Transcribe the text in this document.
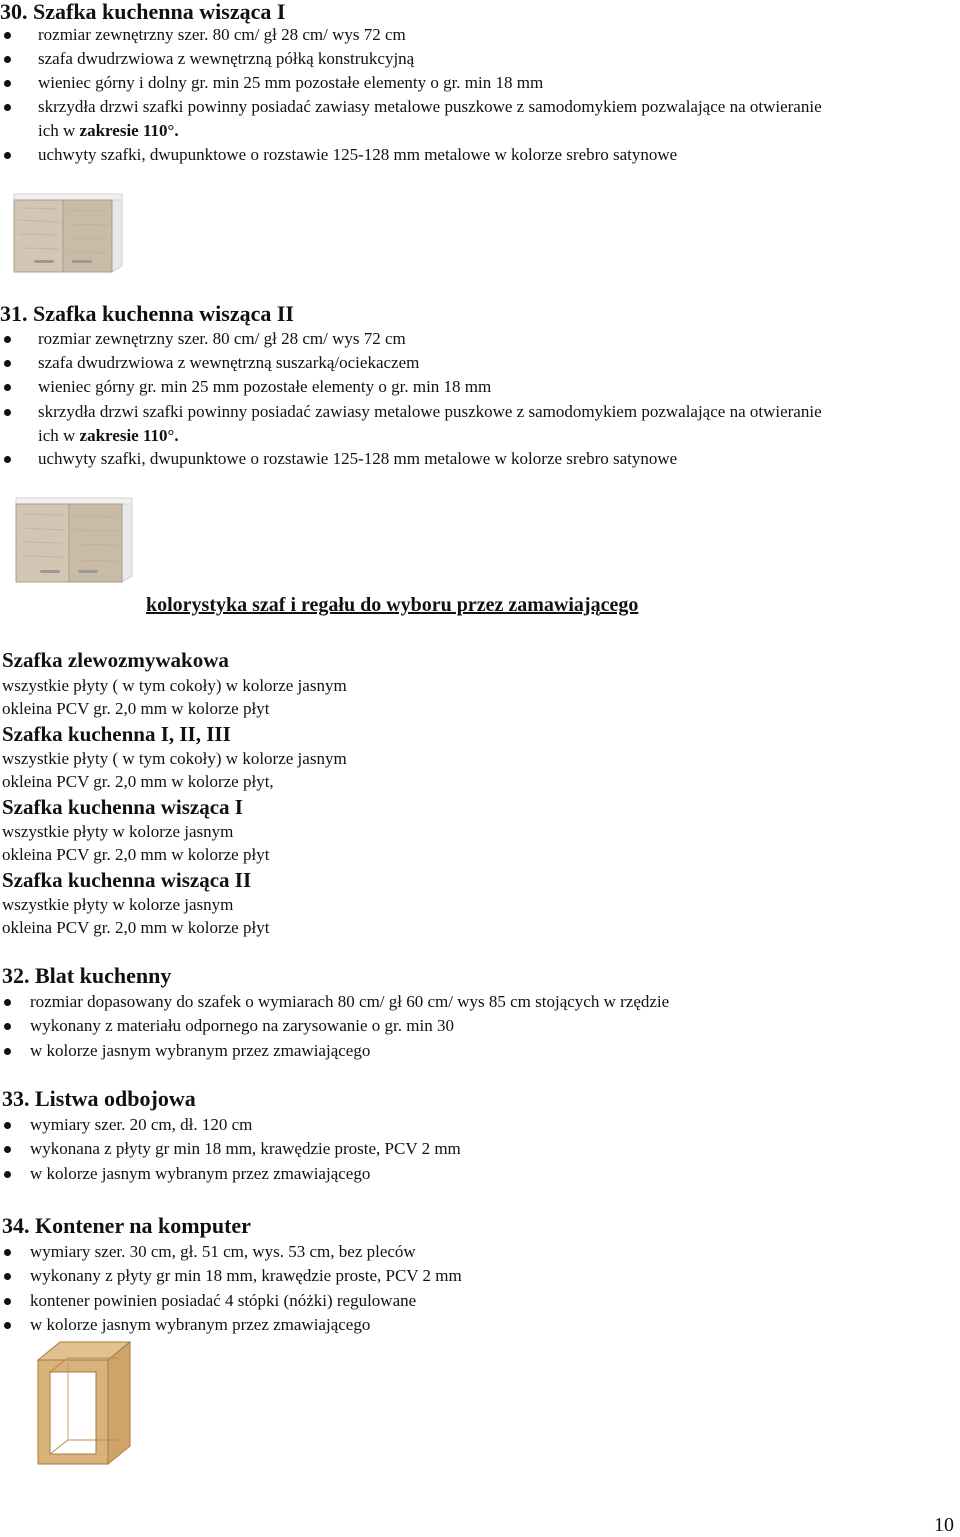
30. Szafka kuchenna wisząca I
rozmiar zewnętrzny szer. 80 cm/ gł 28 cm/ wys 72 cm
szafa dwudrzwiowa z wewnętrzną półką konstrukcyjną
wieniec górny i dolny gr. min 25 mm pozostałe elementy o gr. min 18 mm
skrzydła drzwi szafki powinny posiadać zawiasy metalowe puszkowe z samodomykiem pozwalające na otwieranie
ich w zakresie 110°.
uchwyty szafki, dwupunktowe o rozstawie 125-128 mm metalowe w kolorze srebro satynowe
31. Szafka kuchenna wisząca II
rozmiar zewnętrzny szer. 80 cm/ gł 28 cm/ wys 72 cm
szafa dwudrzwiowa z wewnętrzną suszarką/ociekaczem
wieniec górny gr. min 25 mm pozostałe elementy o gr. min 18 mm
skrzydła drzwi szafki powinny posiadać zawiasy metalowe puszkowe z samodomykiem pozwalające na otwieranie
ich w zakresie 110°.
uchwyty szafki, dwupunktowe o rozstawie 125-128 mm metalowe w kolorze srebro satynowe
kolorystyka szaf i regału do wyboru przez zamawiającego
Szafka zlewozmywakowa
wszystkie płyty ( w tym cokoły) w kolorze jasnym
okleina PCV gr. 2,0 mm w kolorze płyt
Szafka kuchenna I, II, III
wszystkie płyty ( w tym cokoły) w kolorze jasnym
okleina PCV gr. 2,0 mm w kolorze płyt,
Szafka kuchenna wisząca I
wszystkie płyty w kolorze jasnym
okleina PCV gr. 2,0 mm w kolorze płyt
Szafka kuchenna wisząca II
wszystkie płyty w kolorze jasnym
okleina PCV gr. 2,0 mm w kolorze płyt
32. Blat kuchenny
rozmiar dopasowany do szafek o wymiarach 80 cm/ gł 60 cm/ wys 85 cm stojących w rzędzie
wykonany z materiału odpornego na zarysowanie o gr. min 30
w kolorze jasnym wybranym przez zmawiającego
33. Listwa odbojowa
wymiary szer. 20 cm, dł. 120 cm
wykonana z płyty gr min 18 mm, krawędzie proste, PCV 2 mm
w kolorze jasnym wybranym przez zmawiającego
34. Kontener na komputer
wymiary szer. 30 cm, gł. 51 cm, wys. 53 cm, bez pleców
wykonany z płyty gr min 18 mm, krawędzie proste, PCV 2 mm
kontener powinien posiadać 4 stópki (nóżki) regulowane
w kolorze jasnym wybranym przez zmawiającego
10
